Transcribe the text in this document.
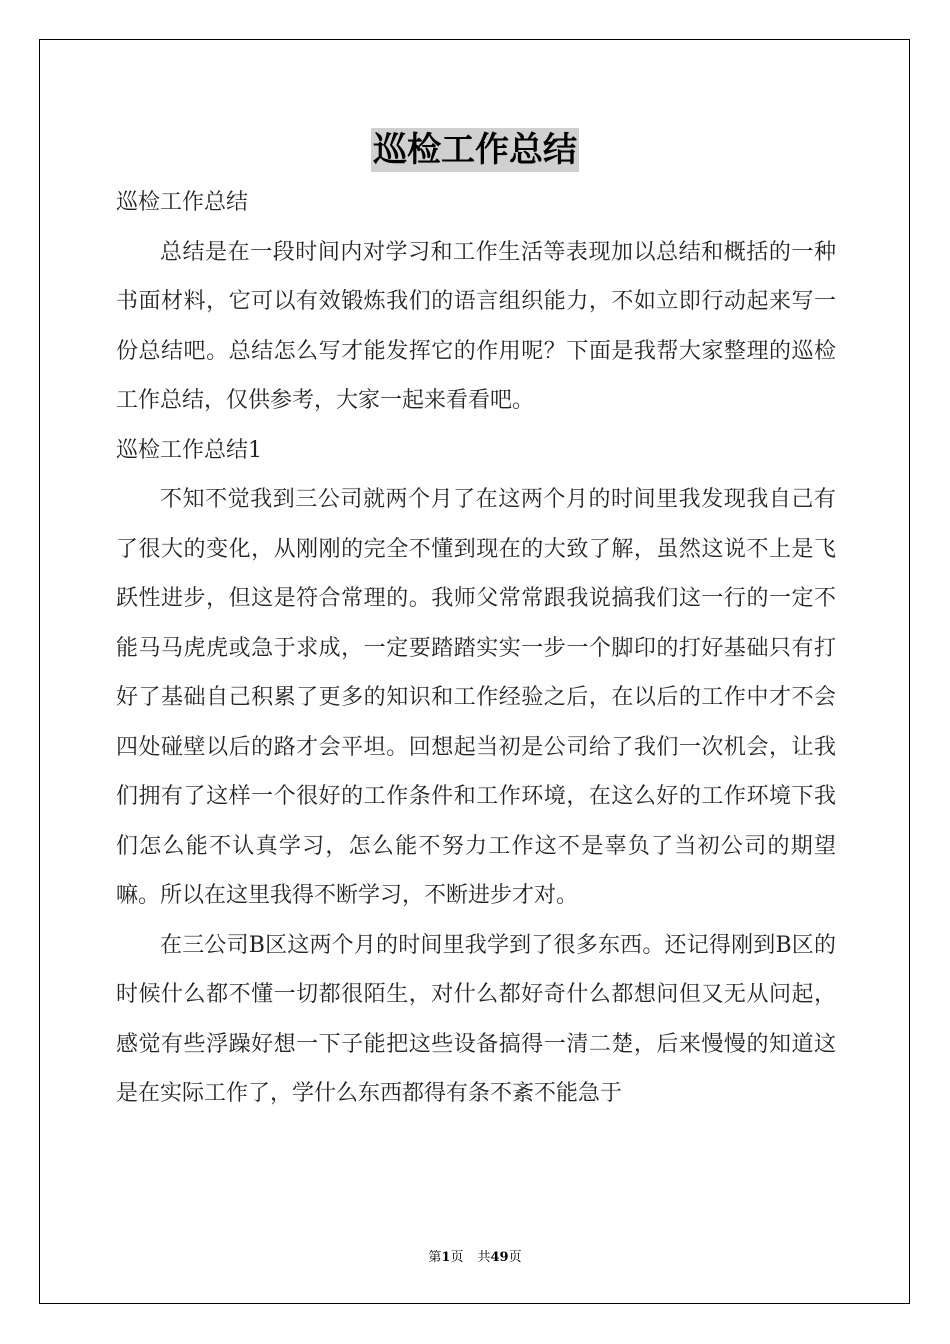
巡检工作总结

巡检工作总结

总结是在一段时间内对学习和工作生活等表现加以总结和概括的一种书面材料，它可以有效锻炼我们的语言组织能力，不如立即行动起来写一份总结吧。总结怎么写才能发挥它的作用呢？下面是我帮大家整理的巡检工作总结，仅供参考，大家一起来看看吧。

巡检工作总结1

不知不觉我到三公司就两个月了在这两个月的时间里我发现我自己有了很大的变化，从刚刚的完全不懂到现在的大致了解，虽然这说不上是飞跃性进步，但这是符合常理的。我师父常常跟我说搞我们这一行的一定不能马马虎虎或急于求成，一定要踏踏实实一步一个脚印的打好基础只有打好了基础自己积累了更多的知识和工作经验之后，在以后的工作中才不会四处碰壁以后的路才会平坦。回想起当初是公司给了我们一次机会，让我们拥有了这样一个很好的工作条件和工作环境，在这么好的工作环境下我们怎么能不认真学习，怎么能不努力工作这不是辜负了当初公司的期望嘛。所以在这里我得不断学习，不断进步才对。

在三公司B区这两个月的时间里我学到了很多东西。还记得刚到B区的时候什么都不懂一切都很陌生，对什么都好奇什么都想问但又无从问起，感觉有些浮躁好想一下子能把这些设备搞得一清二楚，后来慢慢的知道这是在实际工作了，学什么东西都得有条不紊不能急于

第1页 共49页
